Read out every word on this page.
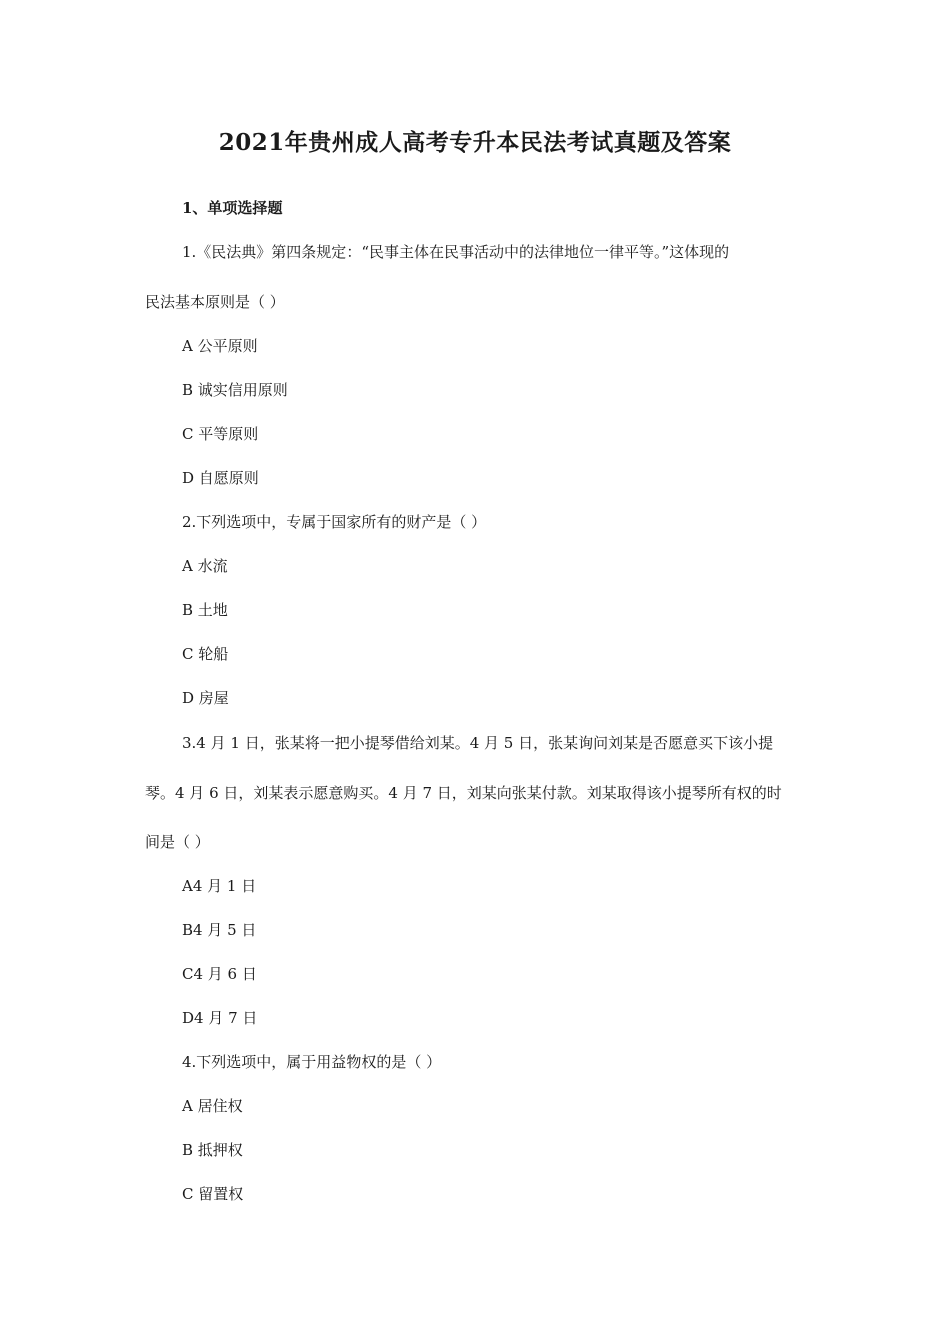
2021年贵州成人高考专升本民法考试真题及答案
1、单项选择题
1.《民法典》第四条规定：“民事主体在民事活动中的法律地位一律平等。”这体现的
民法基本原则是（ ）
A 公平原则
B 诚实信用原则
C 平等原则
D 自愿原则
2.下列选项中，专属于国家所有的财产是（ ）
A 水流
B 土地
C 轮船
D 房屋
3.4 月 1 日，张某将一把小提琴借给刘某。4 月 5 日，张某询问刘某是否愿意买下该小提
琴。4 月 6 日，刘某表示愿意购买。4 月 7 日，刘某向张某付款。刘某取得该小提琴所有权的时
间是（ ）
A4 月 1 日
B4 月 5 日
C4 月 6 日
D4 月 7 日
4.下列选项中，属于用益物权的是（ ）
A 居住权
B 抵押权
C 留置权
